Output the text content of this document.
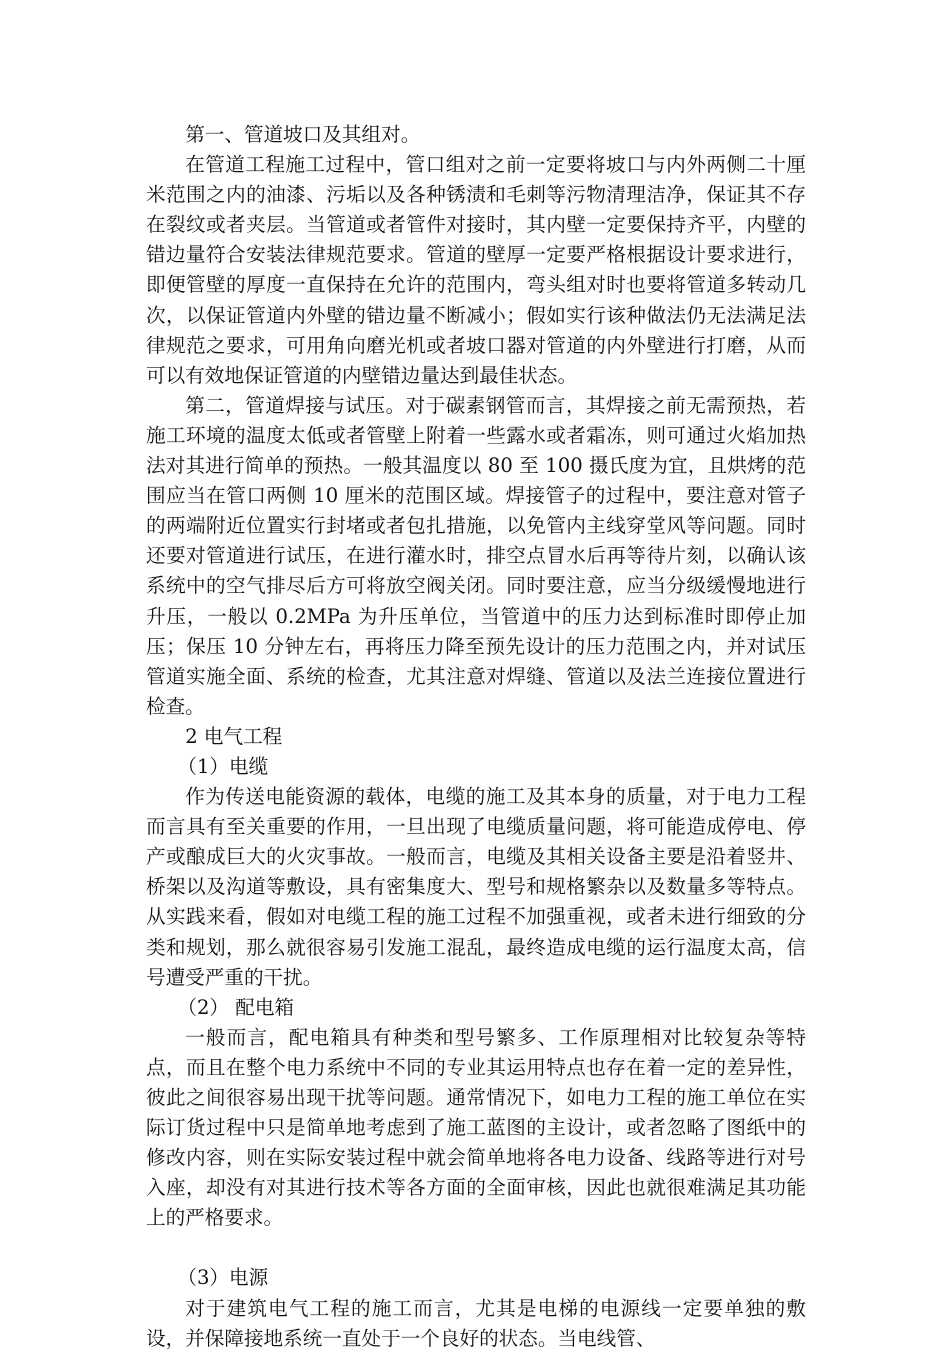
第一、管道坡口及其组对。

在管道工程施工过程中，管口组对之前一定要将坡口与内外两侧二十厘米范围之内的油漆、污垢以及各种锈渍和毛刺等污物清理洁净，保证其不存在裂纹或者夹层。当管道或者管件对接时，其内壁一定要保持齐平，内壁的错边量符合安装法律规范要求。管道的壁厚一定要严格根据设计要求进行，即便管壁的厚度一直保持在允许的范围内，弯头组对时也要将管道多转动几次，以保证管道内外壁的错边量不断减小；假如实行该种做法仍无法满足法律规范之要求，可用角向磨光机或者坡口器对管道的内外壁进行打磨，从而可以有效地保证管道的内壁错边量达到最佳状态。

第二，管道焊接与试压。对于碳素钢管而言，其焊接之前无需预热，若施工环境的温度太低或者管壁上附着一些露水或者霜冻，则可通过火焰加热法对其进行简单的预热。一般其温度以 80 至 100 摄氏度为宜，且烘烤的范围应当在管口两侧 10 厘米的范围区域。焊接管子的过程中，要注意对管子的两端附近位置实行封堵或者包扎措施，以免管内主线穿堂风等问题。同时还要对管道进行试压，在进行灌水时，排空点冒水后再等待片刻，以确认该系统中的空气排尽后方可将放空阀关闭。同时要注意，应当分级缓慢地进行升压，一般以 0.2MPa 为升压单位，当管道中的压力达到标准时即停止加压；保压 10 分钟左右，再将压力降至预先设计的压力范围之内，并对试压管道实施全面、系统的检查，尤其注意对焊缝、管道以及法兰连接位置进行检查。

2 电气工程

（1）电缆

作为传送电能资源的载体，电缆的施工及其本身的质量，对于电力工程而言具有至关重要的作用，一旦出现了电缆质量问题，将可能造成停电、停产或酿成巨大的火灾事故。一般而言，电缆及其相关设备主要是沿着竖井、桥架以及沟道等敷设，具有密集度大、型号和规格繁杂以及数量多等特点。从实践来看，假如对电缆工程的施工过程不加强重视，或者未进行细致的分类和规划，那么就很容易引发施工混乱，最终造成电缆的运行温度太高，信号遭受严重的干扰。

（2） 配电箱

一般而言，配电箱具有种类和型号繁多、工作原理相对比较复杂等特点，而且在整个电力系统中不同的专业其运用特点也存在着一定的差异性，彼此之间很容易出现干扰等问题。通常情况下，如电力工程的施工单位在实际订货过程中只是简单地考虑到了施工蓝图的主设计，或者忽略了图纸中的修改内容，则在实际安装过程中就会简单地将各电力设备、线路等进行对号入座，却没有对其进行技术等各方面的全面审核，因此也就很难满足其功能上的严格要求。

（3）电源

对于建筑电气工程的施工而言，尤其是电梯的电源线一定要单独的敷设，并保障接地系统一直处于一个良好的状态。当电线管、
